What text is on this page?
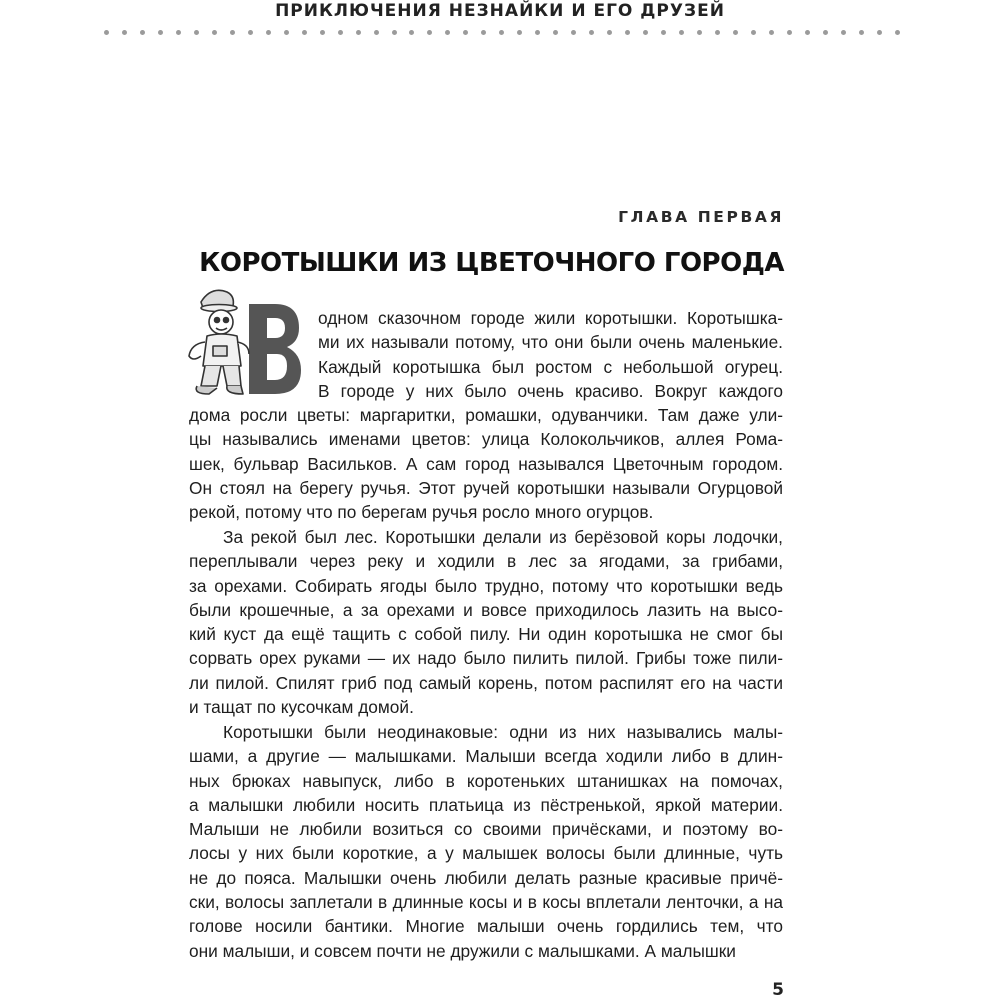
ПРИКЛЮЧЕНИЯ НЕЗНАЙКИ И ЕГО ДРУЗЕЙ
ГЛАВА ПЕРВАЯ
КОРОТЫШКИ ИЗ ЦВЕТОЧНОГО ГОРОДА
одном сказочном городе жили коротышки. Коротышка-
ми их называли потому, что они были очень маленькие.
Каждый коротышка был ростом с небольшой огурец.
В городе у них было очень красиво. Вокруг каждого
дома росли цветы: маргаритки, ромашки, одуванчики. Там даже ули-
цы назывались именами цветов: улица Колокольчиков, аллея Рома-
шек, бульвар Васильков. А сам город назывался Цветочным городом.
Он стоял на берегу ручья. Этот ручей коротышки называли Огурцовой
рекой, потому что по берегам ручья росло много огурцов.
За рекой был лес. Коротышки делали из берёзовой коры лодочки,
переплывали через реку и ходили в лес за ягодами, за грибами,
за орехами. Собирать ягоды было трудно, потому что коротышки ведь
были крошечные, а за орехами и вовсе приходилось лазить на высо-
кий куст да ещё тащить с собой пилу. Ни один коротышка не смог бы
сорвать орех руками — их надо было пилить пилой. Грибы тоже пили-
ли пилой. Спилят гриб под самый корень, потом распилят его на части
и тащат по кусочкам домой.
Коротышки были неодинаковые: одни из них назывались малы-
шами, а другие — малышками. Малыши всегда ходили либо в длин-
ных брюках навыпуск, либо в коротеньких штанишках на помочах,
а малышки любили носить платьица из пёстренькой, яркой материи.
Малыши не любили возиться со своими причёсками, и поэтому во-
лосы у них были короткие, а у малышек волосы были длинные, чуть
не до пояса. Малышки очень любили делать разные красивые причё-
ски, волосы заплетали в длинные косы и в косы вплетали ленточки, а на
голове носили бантики. Многие малыши очень гордились тем, что
они малыши, и совсем почти не дружили с малышками. А малышки
5
